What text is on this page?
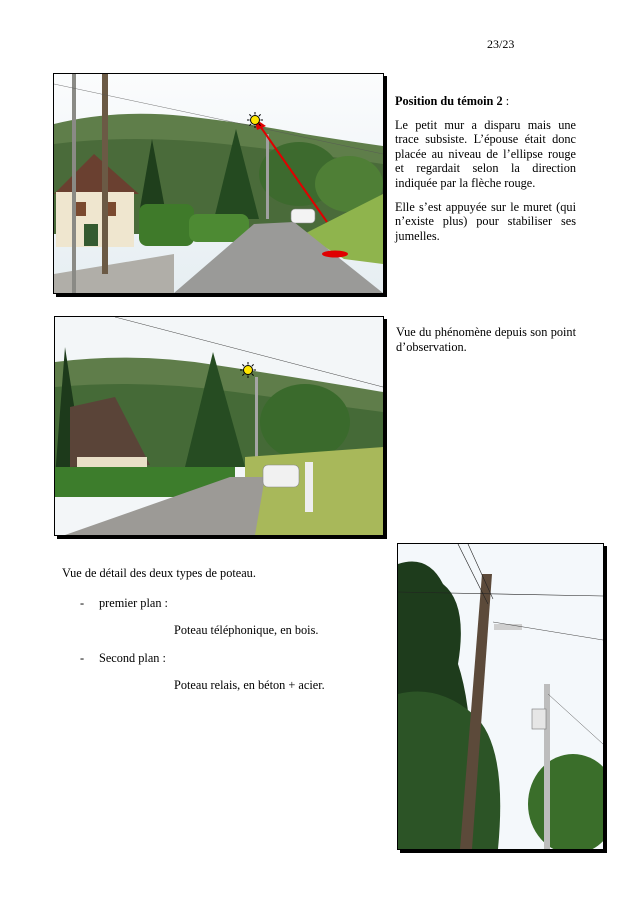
23/23

Position du témoin 2 :

Le petit mur a disparu mais une trace subsiste. L’épouse était donc placée au niveau de l’ellipse rouge et regardait selon la direction indiquée par la flèche rouge.

Elle s’est appuyée sur le muret (qui n’existe plus) pour stabiliser ses jumelles.

Vue du phénomène depuis son point d’observation.

Vue de détail des deux types de poteau.
- premier plan :
Poteau téléphonique, en bois.
- Second plan :
Poteau relais, en béton + acier.
